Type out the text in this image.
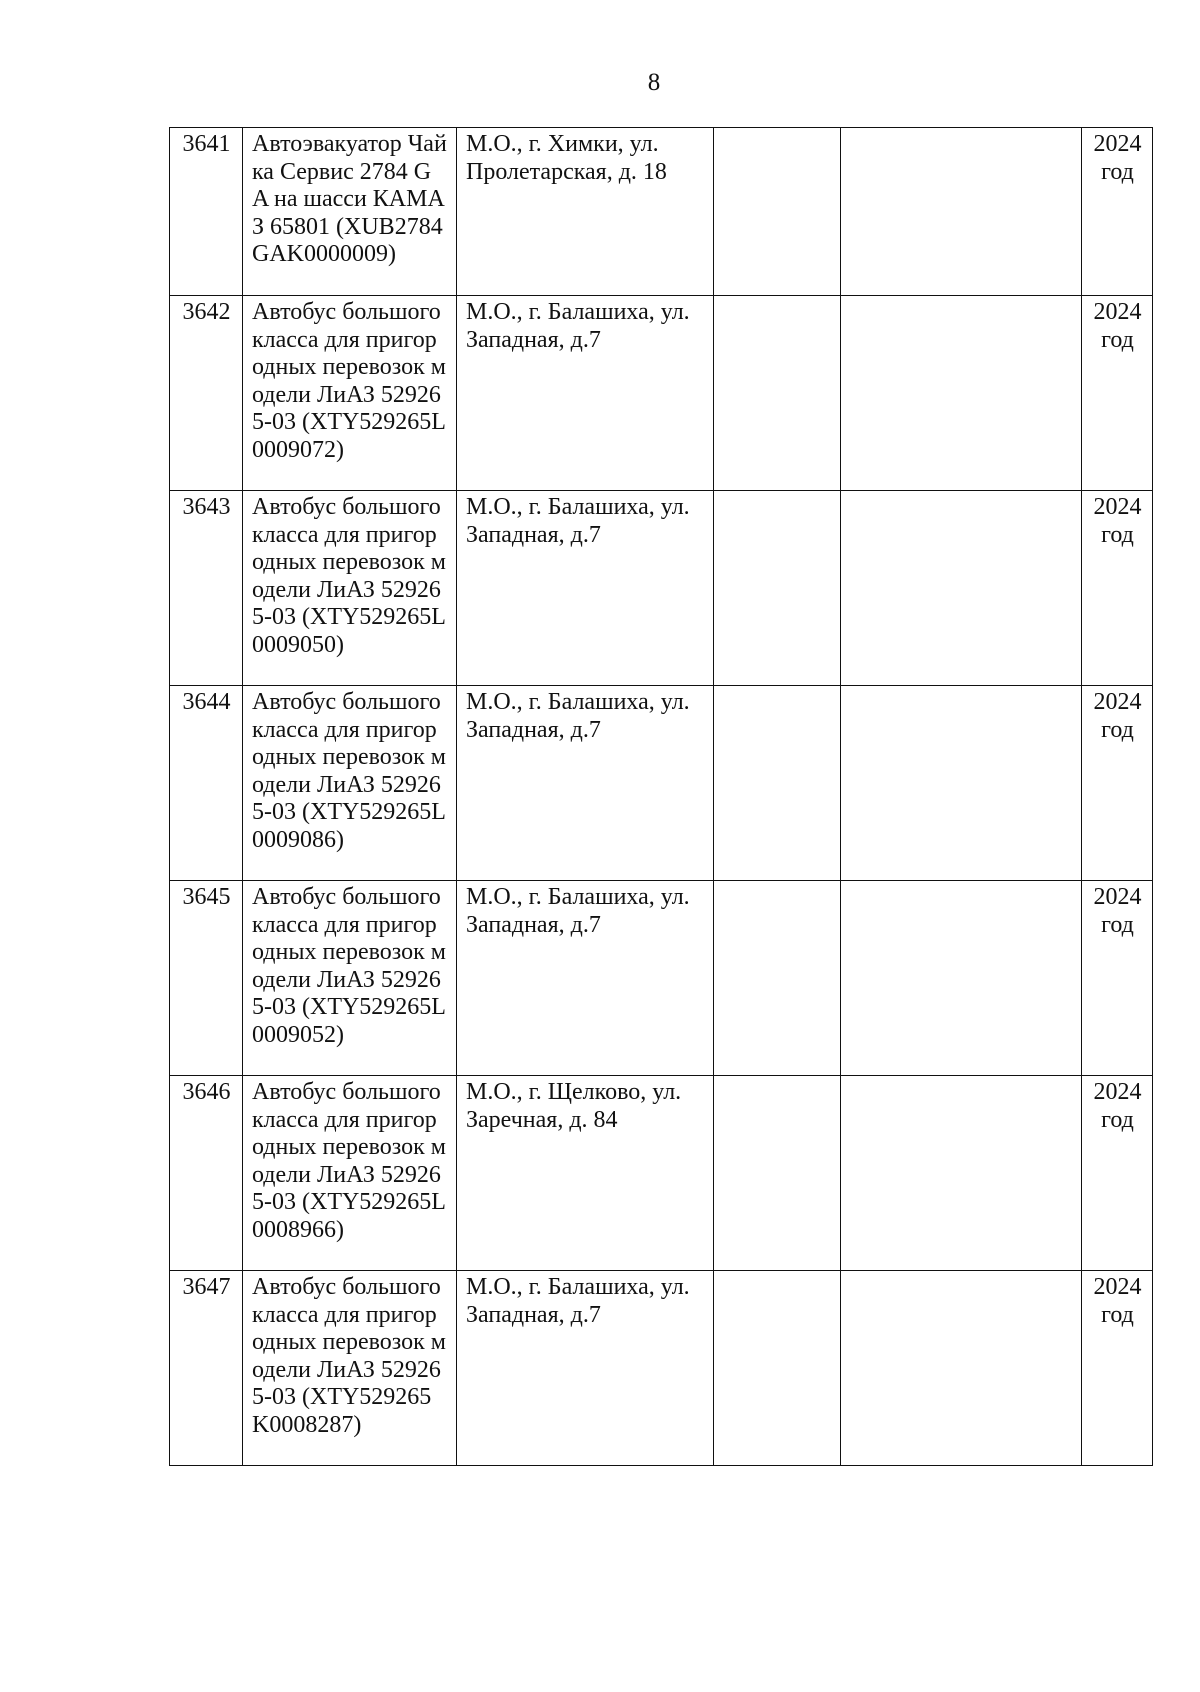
8
3641	Автоэвакуатор Чайка Сервис 2784 GA на шасси КАМАЗ 65801 (XUB2784GAK0000009)	М.О., г. Химки, ул. Пролетарская, д. 18			2024
год

3642	Автобус большого класса для пригородных перевозок модели ЛиАЗ 529265-03 (XTY529265L0009072)	М.О., г. Балашиха, ул. Западная, д.7			2024
год

3643	Автобус большого класса для пригородных перевозок модели ЛиАЗ 529265-03 (XTY529265L0009050)	М.О., г. Балашиха, ул. Западная, д.7			2024
год

3644	Автобус большого класса для пригородных перевозок модели ЛиАЗ 529265-03 (XTY529265L0009086)	М.О., г. Балашиха, ул. Западная, д.7			2024
год

3645	Автобус большого класса для пригородных перевозок модели ЛиАЗ 529265-03 (XTY529265L0009052)	М.О., г. Балашиха, ул. Западная, д.7			2024
год

3646	Автобус большого класса для пригородных перевозок модели ЛиАЗ 529265-03 (XTY529265L0008966)	М.О., г. Щелково, ул. Заречная, д. 84			2024
год

3647	Автобус большого класса для пригородных перевозок модели ЛиАЗ 529265-03 (XTY529265K0008287)	М.О., г. Балашиха, ул. Западная, д.7			2024
год
